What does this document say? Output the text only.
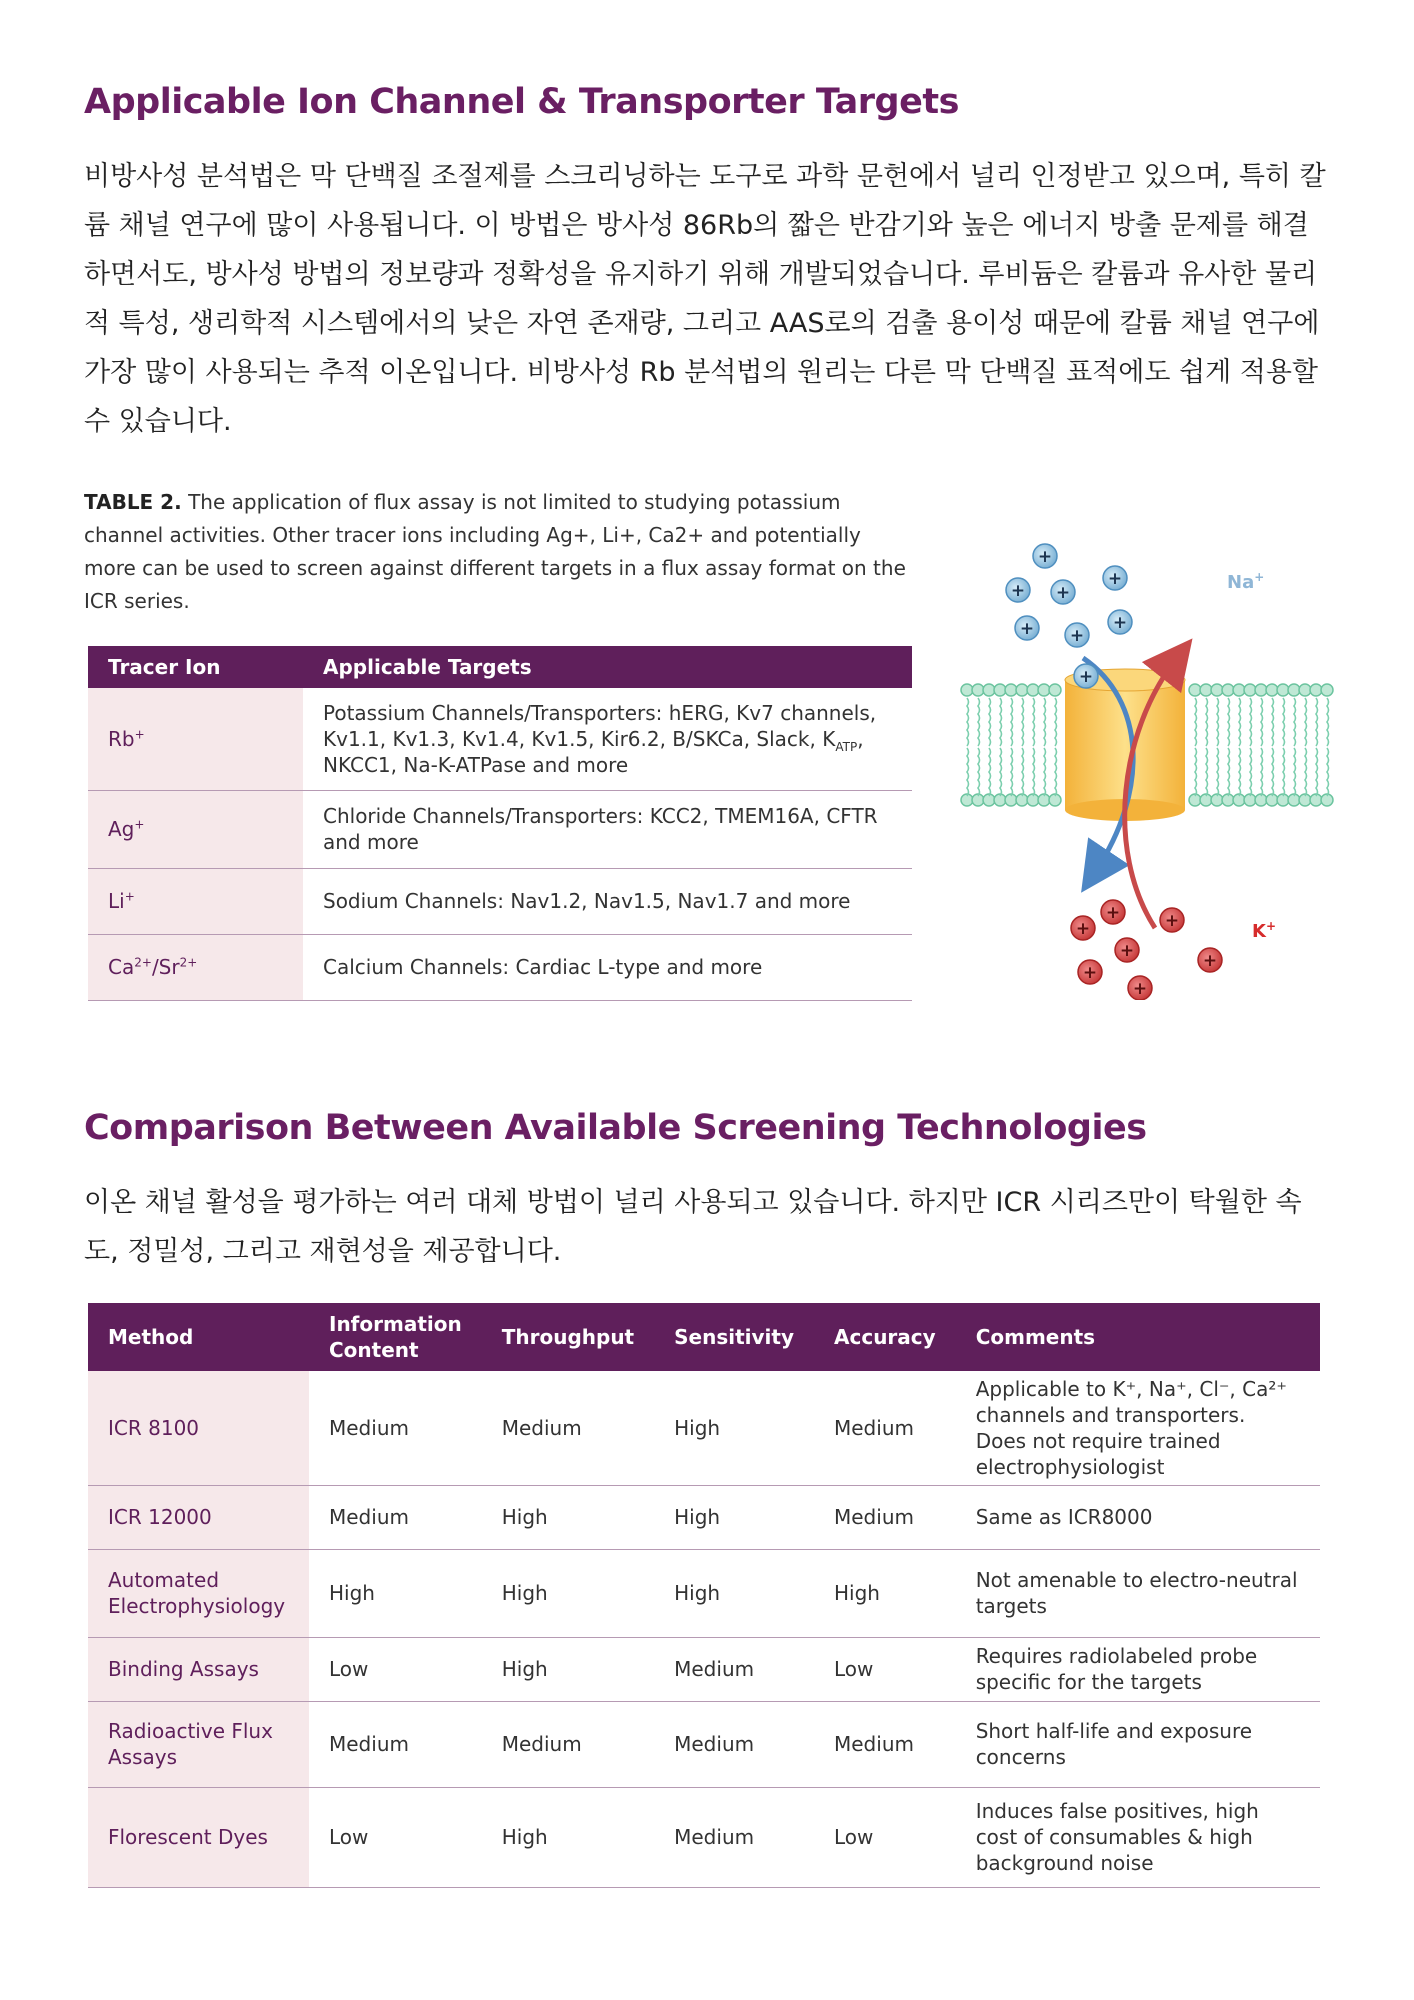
Applicable Ion Channel & Transporter Targets

비방사성 분석법은 막 단백질 조절제를 스크리닝하는 도구로 과학 문헌에서 널리 인정받고 있으며, 특히 칼륨 채널 연구에 많이 사용됩니다. 이 방법은 방사성 86Rb의 짧은 반감기와 높은 에너지 방출 문제를 해결하면서도, 방사성 방법의 정보량과 정확성을 유지하기 위해 개발되었습니다. 루비듐은 칼륨과 유사한 물리적 특성, 생리학적 시스템에서의 낮은 자연 존재량, 그리고 AAS로의 검출 용이성 때문에 칼륨 채널 연구에 가장 많이 사용되는 추적 이온입니다. 비방사성 Rb 분석법의 원리는 다른 막 단백질 표적에도 쉽게 적용할 수 있습니다.

TABLE 2. The application of flux assay is not limited to studying potassium channel activities. Other tracer ions including Ag+, Li+, Ca2+ and potentially more can be used to screen against different targets in a flux assay format on the ICR series.

Tracer Ion	Applicable Targets
Rb+	Potassium Channels/Transporters: hERG, Kv7 channels, Kv1.1, Kv1.3, Kv1.4, Kv1.5, Kir6.2, B/SKCa, Slack, $K_{ATP}$, NKCC1, Na-K-ATPase and more
Ag+	Chloride Channels/Transporters: KCC2, TMEM16A, CFTR and more
Li+	Sodium Channels: Nav1.2, Nav1.5, Nav1.7 and more
$Ca^{2+}/Sr^{2+}$	Calcium Channels: Cardiac L-type and more
+
+ +
+
+
+ +
+
+
+	+
+	+
+
+
Na+
K+
Comparison Between Available Screening Technologies

이온 채널 활성을 평가하는 여러 대체 방법이 널리 사용되고 있습니다. 하지만 ICR 시리즈만이 탁월한 속도, 정밀성, 그리고 재현성을 제공합니다.

Method	Information Content	Throughput	Sensitivity	Accuracy	Comments
ICR 8100	Medium	Medium	High	Medium	Applicable to K⁺, Na⁺, Cl⁻, Ca²⁺ channels and transporters. Does not require trained electrophysiologist
ICR 12000	Medium	High	High	Medium	Same as ICR8000
Automated Electrophysiology	High	High	High	High	Not amenable to electro-neutral targets
Binding Assays	Low	High	Medium	Low	Requires radiolabeled probe specific for the targets
Radioactive Flux Assays	Medium	Medium	Medium	Medium	Short half-life and exposure concerns
Florescent Dyes	Low	High	Medium	Low	Induces false positives, high cost of consumables & high background noise
